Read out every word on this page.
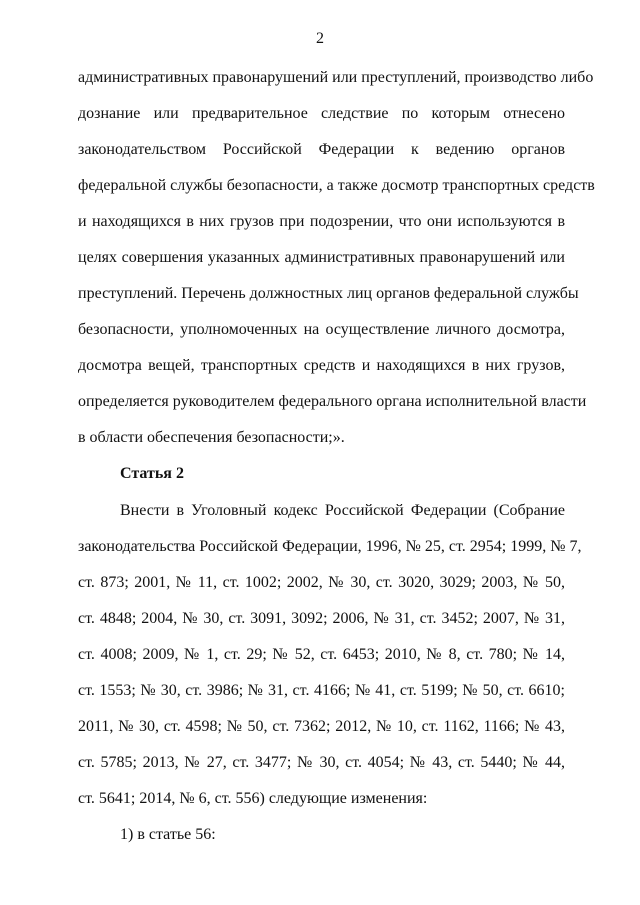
2
административных правонарушений или преступлений, производство либо
дознание или предварительное следствие по которым отнесено
законодательством Российской Федерации к ведению органов
федеральной службы безопасности, а также досмотр транспортных средств
и находящихся в них грузов при подозрении, что они используются в
целях совершения указанных административных правонарушений или
преступлений. Перечень должностных лиц органов федеральной службы
безопасности, уполномоченных на осуществление личного досмотра,
досмотра вещей, транспортных средств и находящихся в них грузов,
определяется руководителем федерального органа исполнительной власти
в области обеспечения безопасности;».
Статья 2
Внести в Уголовный кодекс Российской Федерации (Собрание
законодательства Российской Федерации, 1996, № 25, ст. 2954; 1999, № 7,
ст. 873; 2001, № 11, ст. 1002; 2002, № 30, ст. 3020, 3029; 2003, № 50,
ст. 4848; 2004, № 30, ст. 3091, 3092; 2006, № 31, ст. 3452; 2007, № 31,
ст. 4008; 2009, № 1, ст. 29; № 52, ст. 6453; 2010, № 8, ст. 780; № 14,
ст. 1553; № 30, ст. 3986; № 31, ст. 4166; № 41, ст. 5199; № 50, ст. 6610;
2011, № 30, ст. 4598; № 50, ст. 7362; 2012, № 10, ст. 1162, 1166; № 43,
ст. 5785; 2013, № 27, ст. 3477; № 30, ст. 4054; № 43, ст. 5440; № 44,
ст. 5641; 2014, № 6, ст. 556) следующие изменения:
1) в статье 56:
